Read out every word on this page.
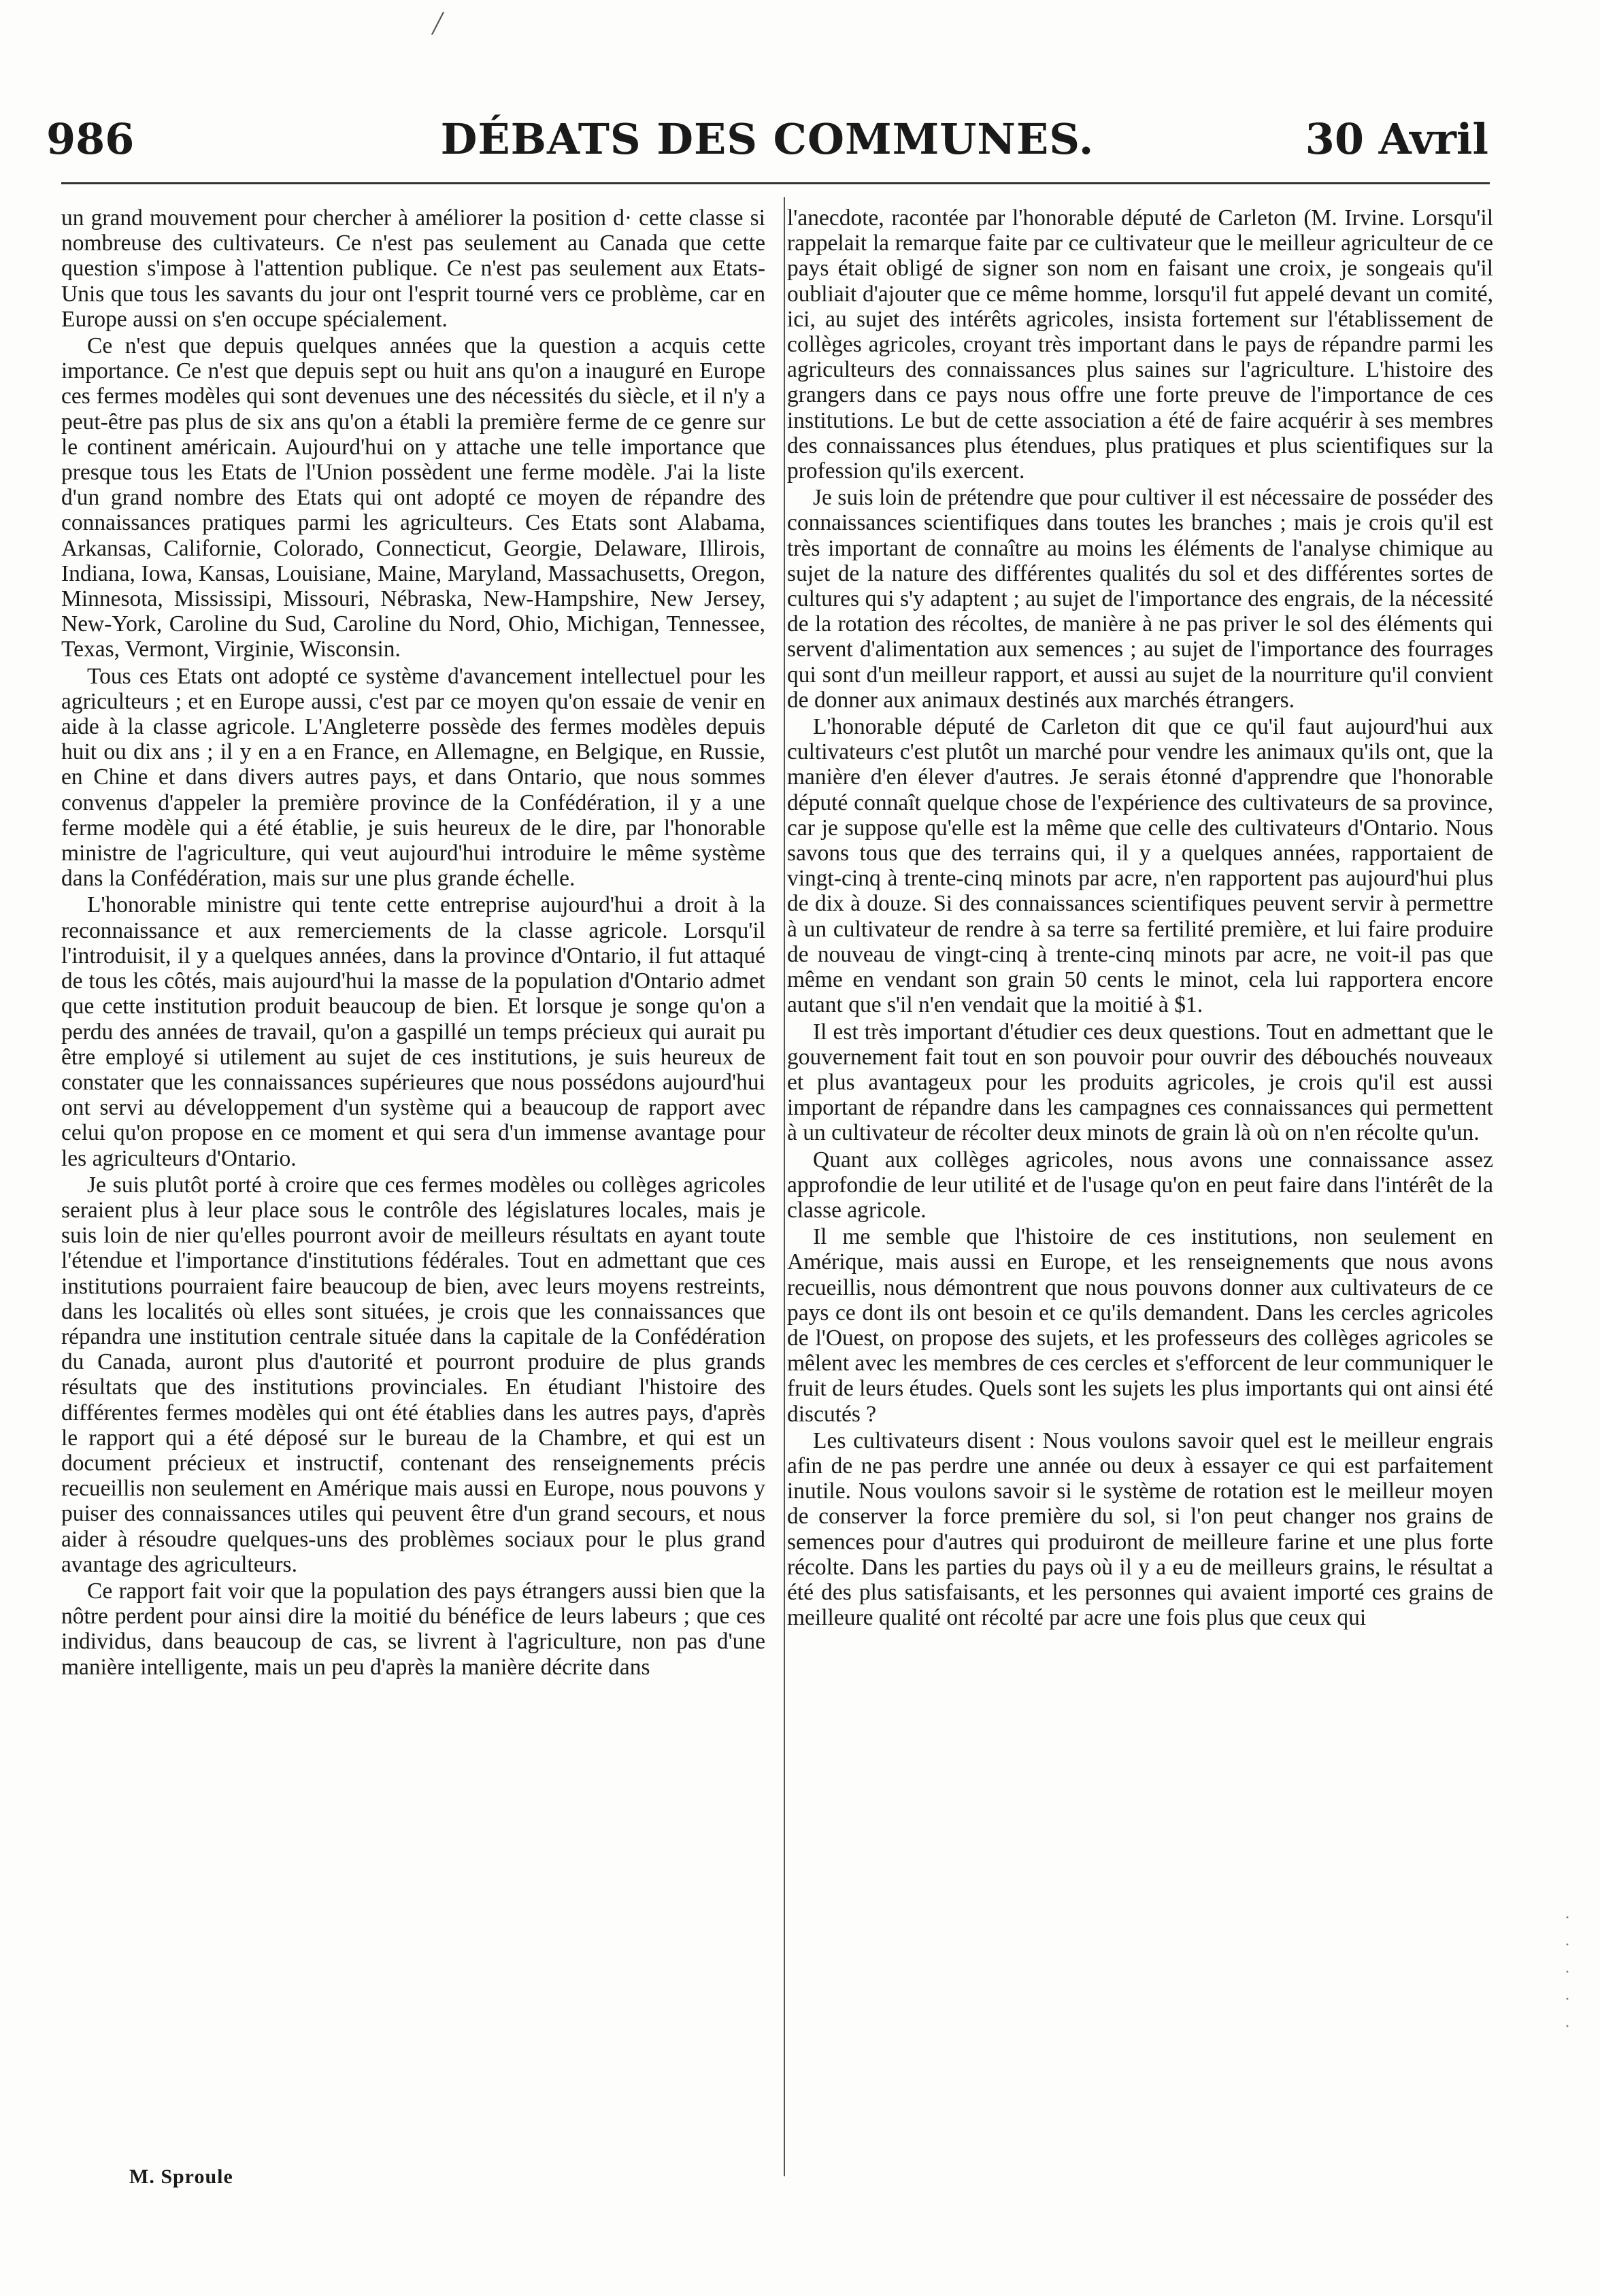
╱
986	DÉBATS DES COMMUNES.	30 Avril

un grand mouvement pour chercher à améliorer la position d· cette classe si nombreuse des cultivateurs. Ce n'est pas seulement au Canada que cette question s'impose à l'attention publique. Ce n'est pas seulement aux Etats-Unis que tous les savants du jour ont l'esprit tourné vers ce problème, car en Europe aussi on s'en occupe spécialement.

Ce n'est que depuis quelques années que la question a acquis cette importance. Ce n'est que depuis sept ou huit ans qu'on a inauguré en Europe ces fermes modèles qui sont devenues une des nécessités du siècle, et il n'y a peut-être pas plus de six ans qu'on a établi la première ferme de ce genre sur le continent américain. Aujourd'hui on y attache une telle importance que presque tous les Etats de l'Union possèdent une ferme modèle. J'ai la liste d'un grand nombre des Etats qui ont adopté ce moyen de répandre des connaissances pratiques parmi les agriculteurs. Ces Etats sont Alabama, Arkansas, Californie, Colorado, Connecticut, Georgie, Delaware, Illirois, Indiana, Iowa, Kansas, Louisiane, Maine, Maryland, Massachusetts, Oregon, Minnesota, Mississipi, Missouri, Nébraska, New-Hampshire, New Jersey, New-York, Caroline du Sud, Caroline du Nord, Ohio, Michigan, Tennessee, Texas, Vermont, Virginie, Wisconsin.

Tous ces Etats ont adopté ce système d'avancement intellectuel pour les agriculteurs ; et en Europe aussi, c'est par ce moyen qu'on essaie de venir en aide à la classe agricole. L'Angleterre possède des fermes modèles depuis huit ou dix ans ; il y en a en France, en Allemagne, en Belgique, en Russie, en Chine et dans divers autres pays, et dans Ontario, que nous sommes convenus d'appeler la première province de la Confédération, il y a une ferme modèle qui a été établie, je suis heureux de le dire, par l'honorable ministre de l'agriculture, qui veut aujourd'hui introduire le même système dans la Confédération, mais sur une plus grande échelle.

L'honorable ministre qui tente cette entreprise aujourd'hui a droit à la reconnaissance et aux remerciements de la classe agricole. Lorsqu'il l'introduisit, il y a quelques années, dans la province d'Ontario, il fut attaqué de tous les côtés, mais aujourd'hui la masse de la population d'Ontario admet que cette institution produit beaucoup de bien. Et lorsque je songe qu'on a perdu des années de travail, qu'on a gaspillé un temps précieux qui aurait pu être employé si utilement au sujet de ces institutions, je suis heureux de constater que les connaissances supérieures que nous possédons aujourd'hui ont servi au développement d'un système qui a beaucoup de rapport avec celui qu'on propose en ce moment et qui sera d'un immense avantage pour les agriculteurs d'Ontario.

Je suis plutôt porté à croire que ces fermes modèles ou collèges agricoles seraient plus à leur place sous le contrôle des législatures locales, mais je suis loin de nier qu'elles pourront avoir de meilleurs résultats en ayant toute l'étendue et l'importance d'institutions fédérales. Tout en admettant que ces institutions pourraient faire beaucoup de bien, avec leurs moyens restreints, dans les localités où elles sont situées, je crois que les connaissances que répandra une institution centrale située dans la capitale de la Confédération du Canada, auront plus d'autorité et pourront produire de plus grands résultats que des institutions provinciales. En étudiant l'histoire des différentes fermes modèles qui ont été établies dans les autres pays, d'après le rapport qui a été déposé sur le bureau de la Chambre, et qui est un document précieux et instructif, contenant des renseignements précis recueillis non seulement en Amérique mais aussi en Europe, nous pouvons y puiser des connaissances utiles qui peuvent être d'un grand secours, et nous aider à résoudre quelques-uns des problèmes sociaux pour le plus grand avantage des agriculteurs.

Ce rapport fait voir que la population des pays étrangers aussi bien que la nôtre perdent pour ainsi dire la moitié du bénéfice de leurs labeurs ; que ces individus, dans beaucoup de cas, se livrent à l'agriculture, non pas d'une manière intelligente, mais un peu d'après la manière décrite dans

l'anecdote, racontée par l'honorable député de Carleton (M. Irvine. Lorsqu'il rappelait la remarque faite par ce cultivateur que le meilleur agriculteur de ce pays était obligé de signer son nom en faisant une croix, je songeais qu'il oubliait d'ajouter que ce même homme, lorsqu'il fut appelé devant un comité, ici, au sujet des intérêts agricoles, insista fortement sur l'établissement de collèges agricoles, croyant très important dans le pays de répandre parmi les agriculteurs des connaissances plus saines sur l'agriculture. L'histoire des grangers dans ce pays nous offre une forte preuve de l'importance de ces institutions. Le but de cette association a été de faire acquérir à ses membres des connaissances plus étendues, plus pratiques et plus scientifiques sur la profession qu'ils exercent.

Je suis loin de prétendre que pour cultiver il est nécessaire de posséder des connaissances scientifiques dans toutes les branches ; mais je crois qu'il est très important de connaître au moins les éléments de l'analyse chimique au sujet de la nature des différentes qualités du sol et des différentes sortes de cultures qui s'y adaptent ; au sujet de l'importance des engrais, de la nécessité de la rotation des récoltes, de manière à ne pas priver le sol des éléments qui servent d'alimentation aux semences ; au sujet de l'importance des fourrages qui sont d'un meilleur rapport, et aussi au sujet de la nourriture qu'il convient de donner aux animaux destinés aux marchés étrangers.

L'honorable député de Carleton dit que ce qu'il faut aujourd'hui aux cultivateurs c'est plutôt un marché pour vendre les animaux qu'ils ont, que la manière d'en élever d'autres. Je serais étonné d'apprendre que l'honorable député connaît quelque chose de l'expérience des cultivateurs de sa province, car je suppose qu'elle est la même que celle des cultivateurs d'Ontario. Nous savons tous que des terrains qui, il y a quelques années, rapportaient de vingt-cinq à trente-cinq minots par acre, n'en rapportent pas aujourd'hui plus de dix à douze. Si des connaissances scientifiques peuvent servir à permettre à un cultivateur de rendre à sa terre sa fertilité première, et lui faire produire de nouveau de vingt-cinq à trente-cinq minots par acre, ne voit-il pas que même en vendant son grain 50 cents le minot, cela lui rapportera encore autant que s'il n'en vendait que la moitié à $1.

Il est très important d'étudier ces deux questions. Tout en admettant que le gouvernement fait tout en son pouvoir pour ouvrir des débouchés nouveaux et plus avantageux pour les produits agricoles, je crois qu'il est aussi important de répandre dans les campagnes ces connaissances qui permettent à un cultivateur de récolter deux minots de grain là où on n'en récolte qu'un.

Quant aux collèges agricoles, nous avons une connaissance assez approfondie de leur utilité et de l'usage qu'on en peut faire dans l'intérêt de la classe agricole.

Il me semble que l'histoire de ces institutions, non seulement en Amérique, mais aussi en Europe, et les renseignements que nous avons recueillis, nous démontrent que nous pouvons donner aux cultivateurs de ce pays ce dont ils ont besoin et ce qu'ils demandent. Dans les cercles agricoles de l'Ouest, on propose des sujets, et les professeurs des collèges agricoles se mêlent avec les membres de ces cercles et s'efforcent de leur communiquer le fruit de leurs études. Quels sont les sujets les plus importants qui ont ainsi été discutés ?

Les cultivateurs disent : Nous voulons savoir quel est le meilleur engrais afin de ne pas perdre une année ou deux à essayer ce qui est parfaitement inutile. Nous voulons savoir si le système de rotation est le meilleur moyen de conserver la force première du sol, si l'on peut changer nos grains de semences pour d'autres qui produiront de meilleure farine et une plus forte récolte. Dans les parties du pays où il y a eu de meilleurs grains, le résultat a été des plus satisfaisants, et les personnes qui avaient importé ces grains de meilleure qualité ont récolté par acre une fois plus que ceux qui

M. Sproule
·
·
·
·
·
